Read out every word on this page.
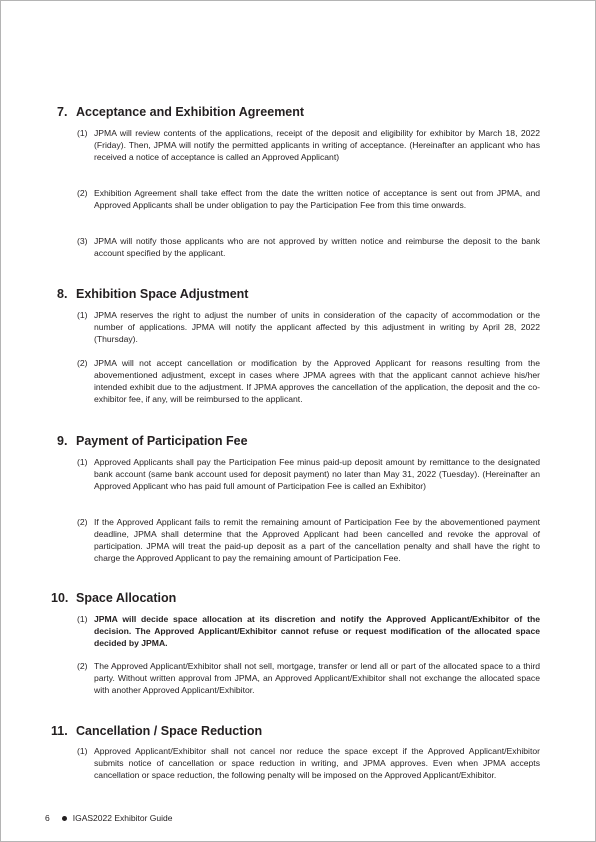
7. Acceptance and Exhibition Agreement
(1) JPMA will review contents of the applications, receipt of the deposit and eligibility for exhibitor by March 18, 2022 (Friday). Then, JPMA will notify the permitted applicants in writing of acceptance. (Hereinafter an applicant who has received a notice of acceptance is called an Approved Applicant)
(2) Exhibition Agreement shall take effect from the date the written notice of acceptance is sent out from JPMA, and Approved Applicants shall be under obligation to pay the Participation Fee from this time onwards.
(3) JPMA will notify those applicants who are not approved by written notice and reimburse the deposit to the bank account specified by the applicant.
8. Exhibition Space Adjustment
(1) JPMA reserves the right to adjust the number of units in consideration of the capacity of accommodation or the number of applications. JPMA will notify the applicant affected by this adjustment in writing by April 28, 2022 (Thursday).
(2) JPMA will not accept cancellation or modification by the Approved Applicant for reasons resulting from the abovementioned adjustment, except in cases where JPMA agrees with that the applicant cannot achieve his/her intended exhibit due to the adjustment. If JPMA approves the cancellation of the application, the deposit and the co-exhibitor fee, if any, will be reimbursed to the applicant.
9. Payment of Participation Fee
(1) Approved Applicants shall pay the Participation Fee minus paid-up deposit amount by remittance to the designated bank account (same bank account used for deposit payment) no later than May 31, 2022 (Tuesday). (Hereinafter an Approved Applicant who has paid full amount of Participation Fee is called an Exhibitor)
(2) If the Approved Applicant fails to remit the remaining amount of Participation Fee by the abovementioned payment deadline, JPMA shall determine that the Approved Applicant had been cancelled and revoke the approval of participation. JPMA will treat the paid-up deposit as a part of the cancellation penalty and shall have the right to charge the Approved Applicant to pay the remaining amount of Participation Fee.
10. Space Allocation
(1) JPMA will decide space allocation at its discretion and notify the Approved Applicant/Exhibitor of the decision. The Approved Applicant/Exhibitor cannot refuse or request modification of the allocated space decided by JPMA.
(2) The Approved Applicant/Exhibitor shall not sell, mortgage, transfer or lend all or part of the allocated space to a third party. Without written approval from JPMA, an Approved Applicant/Exhibitor shall not exchange the allocated space with another Approved Applicant/Exhibitor.
11. Cancellation / Space Reduction
(1) Approved Applicant/Exhibitor shall not cancel nor reduce the space except if the Approved Applicant/Exhibitor submits notice of cancellation or space reduction in writing, and JPMA approves. Even when JPMA accepts cancellation or space reduction, the following penalty will be imposed on the Approved Applicant/Exhibitor.
6	IGAS2022 Exhibitor Guide
